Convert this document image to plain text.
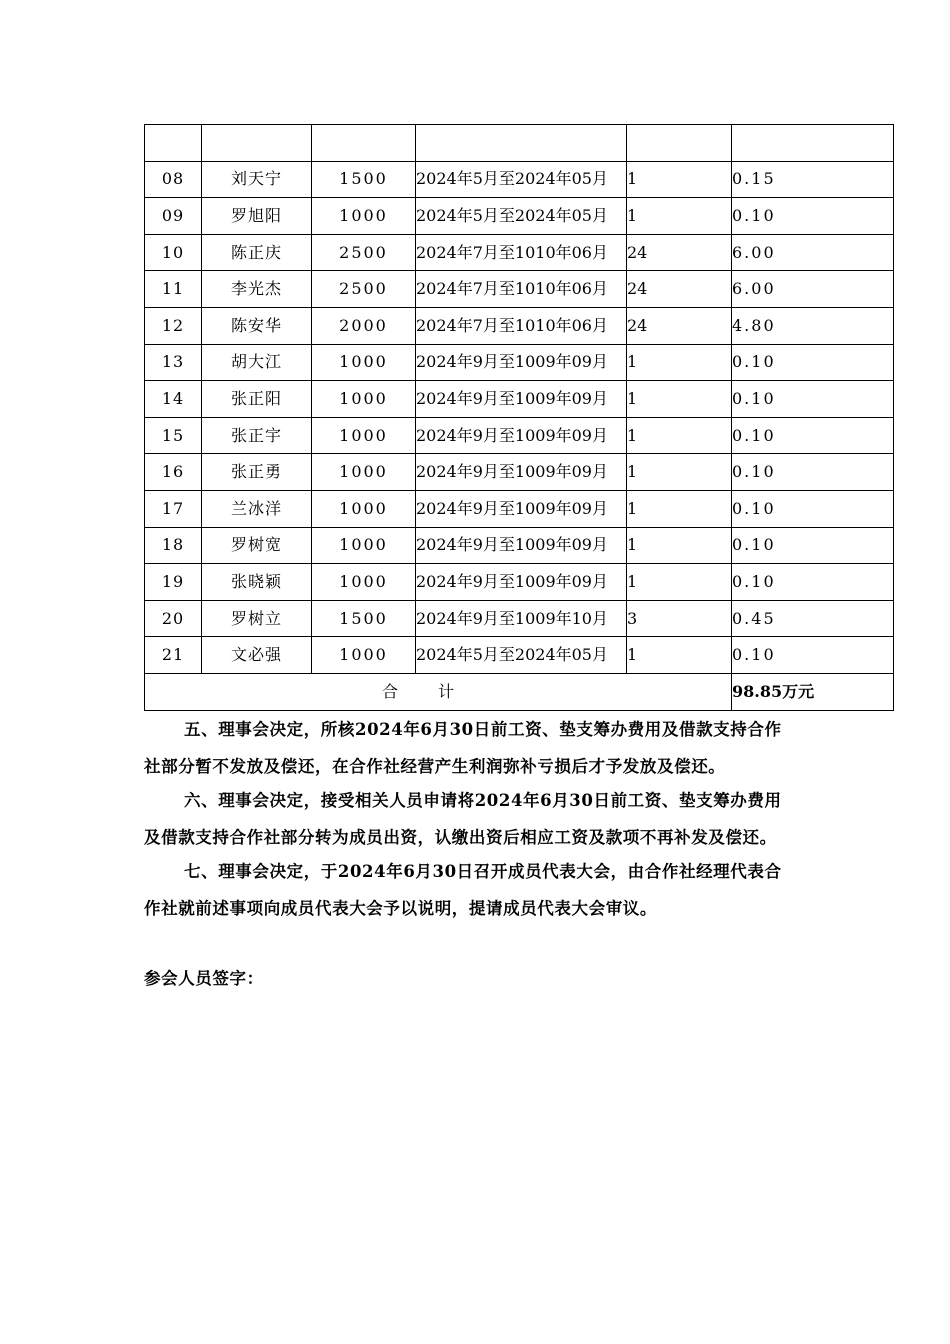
08	刘天宁	1500	2024年5月至2024年05月	1	0.15
09	罗旭阳	1000	2024年5月至2024年05月	1	0.10
10	陈正庆	2500	2024年7月至1010年06月	24	6.00
11	李光杰	2500	2024年7月至1010年06月	24	6.00
12	陈安华	2000	2024年7月至1010年06月	24	4.80
13	胡大江	1000	2024年9月至1009年09月	1	0.10
14	张正阳	1000	2024年9月至1009年09月	1	0.10
15	张正宇	1000	2024年9月至1009年09月	1	0.10
16	张正勇	1000	2024年9月至1009年09月	1	0.10
17	兰冰洋	1000	2024年9月至1009年09月	1	0.10
18	罗树宽	1000	2024年9月至1009年09月	1	0.10
19	张晓颖	1000	2024年9月至1009年09月	1	0.10
20	罗树立	1500	2024年9月至1009年10月	3	0.45
21	文必强	1000	2024年5月至2024年05月	1	0.10
合计					98.85万元

五、理事会决定，所核2024年6月30日前工资、垫支筹办费用及借款支持合作
社部分暂不发放及偿还，在合作社经营产生利润弥补亏损后才予发放及偿还。

六、理事会决定，接受相关人员申请将2024年6月30日前工资、垫支筹办费用
及借款支持合作社部分转为成员出资，认缴出资后相应工资及款项不再补发及偿还。

七、理事会决定，于2024年6月30日召开成员代表大会，由合作社经理代表合
作社就前述事项向成员代表大会予以说明，提请成员代表大会审议。

参会人员签字：
